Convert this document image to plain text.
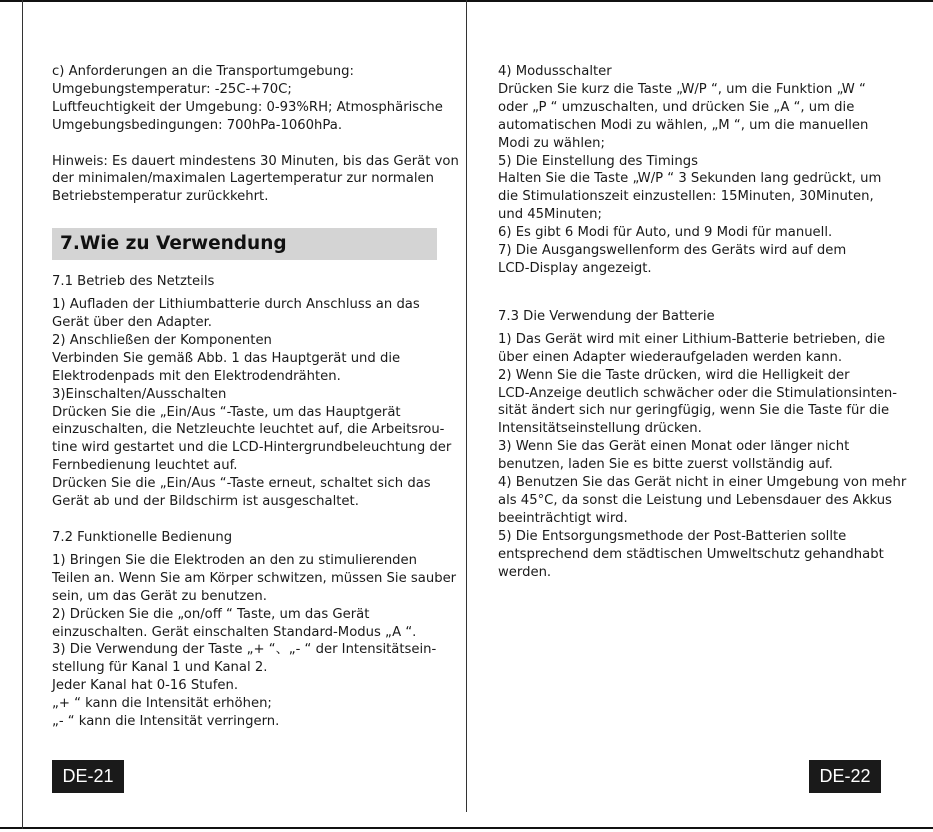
c) Anforderungen an die Transportumgebung:

Umgebungstemperatur: -25C-+70C;

Luftfeuchtigkeit der Umgebung: 0-93%RH; Atmosphärische

Umgebungsbedingungen: 700hPa-1060hPa.

Hinweis: Es dauert mindestens 30 Minuten, bis das Gerät von

der minimalen/maximalen Lagertemperatur zur normalen

Betriebstemperatur zurückkehrt.

7.Wie zu Verwendung

7.1 Betrieb des Netzteils

1) Aufladen der Lithiumbatterie durch Anschluss an das

Gerät über den Adapter.

2) Anschließen der Komponenten

Verbinden Sie gemäß Abb. 1 das Hauptgerät und die

Elektrodenpads mit den Elektrodendrähten.

3)Einschalten/Ausschalten

Drücken Sie die „Ein/Aus “-Taste, um das Hauptgerät

einzuschalten, die Netzleuchte leuchtet auf, die Arbeitsrou-

tine wird gestartet und die LCD-Hintergrundbeleuchtung der

Fernbedienung leuchtet auf.

Drücken Sie die „Ein/Aus “-Taste erneut, schaltet sich das

Gerät ab und der Bildschirm ist ausgeschaltet.

7.2 Funktionelle Bedienung

1) Bringen Sie die Elektroden an den zu stimulierenden

Teilen an. Wenn Sie am Körper schwitzen, müssen Sie sauber

sein, um das Gerät zu benutzen.

2) Drücken Sie die „on/off “ Taste, um das Gerät

einzuschalten. Gerät einschalten Standard-Modus „A “.

3) Die Verwendung der Taste „+ “、„- “ der Intensitätsein-

stellung für Kanal 1 und Kanal 2.

Jeder Kanal hat 0-16 Stufen.

„+ “ kann die Intensität erhöhen;

„- “ kann die Intensität verringern.

DE-21

4) Modusschalter

Drücken Sie kurz die Taste „W/P “, um die Funktion „W “

oder „P “ umzuschalten, und drücken Sie „A “, um die

automatischen Modi zu wählen, „M “, um die manuellen

Modi zu wählen;

5) Die Einstellung des Timings

Halten Sie die Taste „W/P “ 3 Sekunden lang gedrückt, um

die Stimulationszeit einzustellen: 15Minuten, 30Minuten,

und 45Minuten;

6) Es gibt 6 Modi für Auto, und 9 Modi für manuell.

7) Die Ausgangswellenform des Geräts wird auf dem

LCD-Display angezeigt.

7.3 Die Verwendung der Batterie

1) Das Gerät wird mit einer Lithium-Batterie betrieben, die

über einen Adapter wiederaufgeladen werden kann.

2) Wenn Sie die Taste drücken, wird die Helligkeit der

LCD-Anzeige deutlich schwächer oder die Stimulationsinten-

sität ändert sich nur geringfügig, wenn Sie die Taste für die

Intensitätseinstellung drücken.

3) Wenn Sie das Gerät einen Monat oder länger nicht

benutzen, laden Sie es bitte zuerst vollständig auf.

4) Benutzen Sie das Gerät nicht in einer Umgebung von mehr

als 45°C, da sonst die Leistung und Lebensdauer des Akkus

beeinträchtigt wird.

5) Die Entsorgungsmethode der Post-Batterien sollte

entsprechend dem städtischen Umweltschutz gehandhabt

werden.

DE-22
